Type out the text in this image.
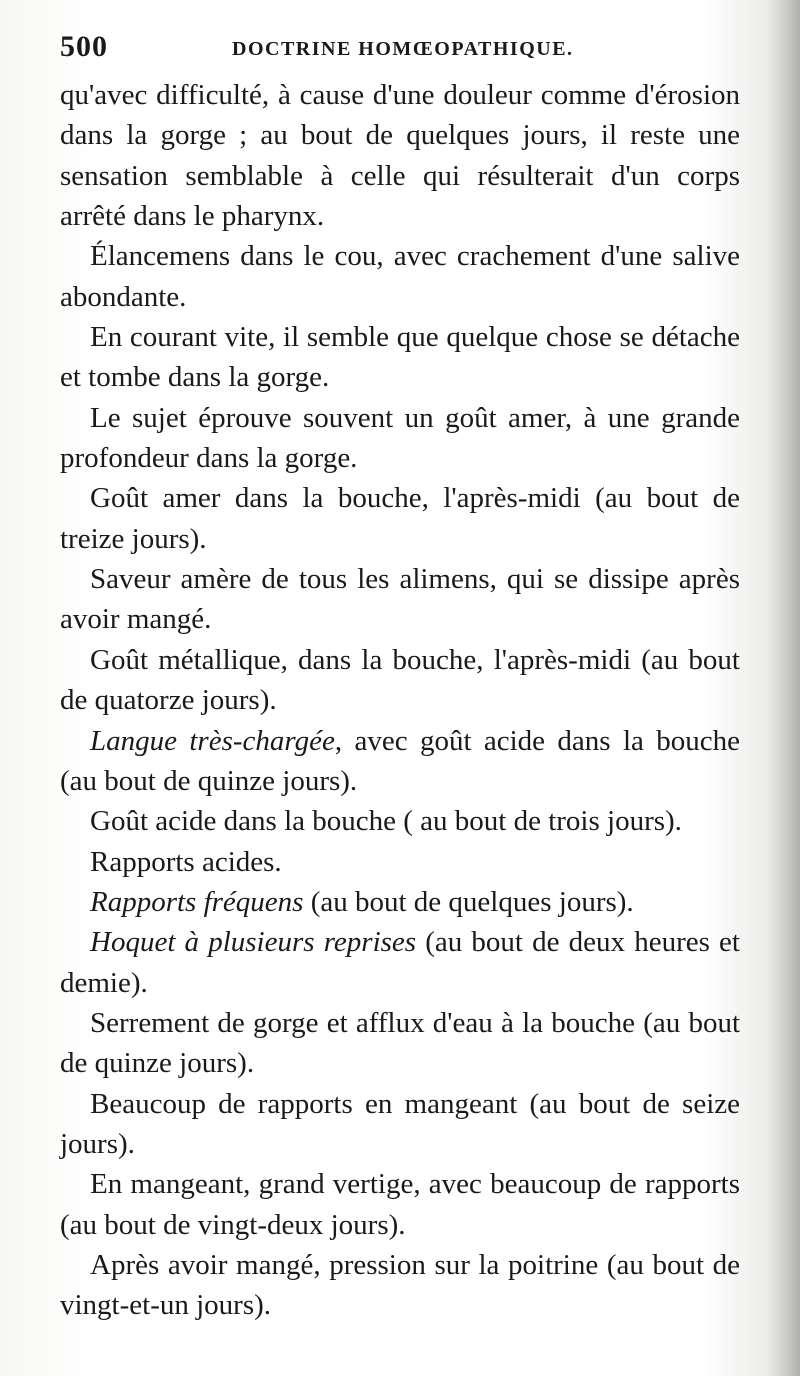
500	DOCTRINE HOMŒOPATHIQUE.

qu'avec difficulté, à cause d'une douleur comme d'érosion dans la gorge ; au bout de quelques jours, il reste une sensation semblable à celle qui résulterait d'un corps arrêté dans le pharynx.

Élancemens dans le cou, avec crachement d'une salive abondante.

En courant vite, il semble que quelque chose se détache et tombe dans la gorge.

Le sujet éprouve souvent un goût amer, à une grande profondeur dans la gorge.

Goût amer dans la bouche, l'après-midi (au bout de treize jours).

Saveur amère de tous les alimens, qui se dissipe après avoir mangé.

Goût métallique, dans la bouche, l'après-midi (au bout de quatorze jours).

Langue très-chargée, avec goût acide dans la bouche (au bout de quinze jours).

Goût acide dans la bouche ( au bout de trois jours).

Rapports acides.

Rapports fréquens (au bout de quelques jours).

Hoquet à plusieurs reprises (au bout de deux heures et demie).

Serrement de gorge et afflux d'eau à la bouche (au bout de quinze jours).

Beaucoup de rapports en mangeant (au bout de seize jours).

En mangeant, grand vertige, avec beaucoup de rapports (au bout de vingt-deux jours).

Après avoir mangé, pression sur la poitrine (au bout de vingt-et-un jours).
